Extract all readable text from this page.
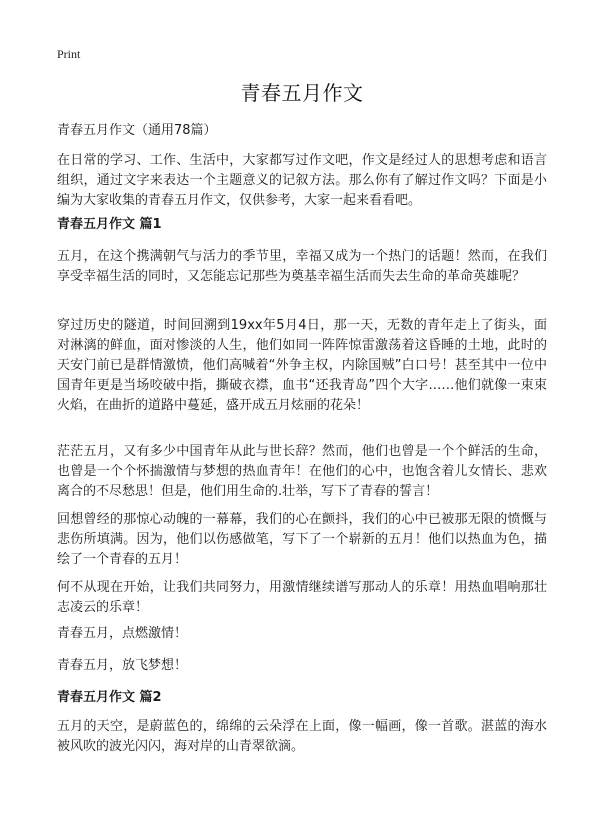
Print
青春五月作文
青春五月作文（通用78篇）

在日常的学习、工作、生活中，大家都写过作文吧，作文是经过人的思想考虑和语言组织，通过文字来表达一个主题意义的记叙方法。那么你有了解过作文吗？下面是小编为大家收集的青春五月作文，仅供参考，大家一起来看看吧。

青春五月作文 篇1

五月，在这个携满朝气与活力的季节里，幸福又成为一个热门的话题！然而，在我们享受幸福生活的同时，又怎能忘记那些为奠基幸福生活而失去生命的革命英雄呢？

穿过历史的隧道，时间回溯到19xx年5月4日，那一天，无数的青年走上了街头，面对淋漓的鲜血，面对惨淡的人生，他们如同一阵阵惊雷激荡着这昏睡的土地，此时的天安门前已是群情激愤，他们高喊着“外争主权，内除国贼”白口号！甚至其中一位中国青年更是当场咬破中指，撕破衣襟，血书“还我青岛”四个大字……他们就像一束束火焰，在曲折的道路中蔓延，盛开成五月炫丽的花朵！

茫茫五月，又有多少中国青年从此与世长辞？然而，他们也曾是一个个鲜活的生命，也曾是一个个怀揣激情与梦想的热血青年！在他们的心中，也饱含着儿女情长、悲欢离合的不尽愁思！但是，他们用生命的.壮举，写下了青春的誓言！

回想曾经的那惊心动魄的一幕幕，我们的心在颤抖，我们的心中已被那无限的愤慨与悲伤所填满。因为，他们以伤感做笔，写下了一个崭新的五月！他们以热血为色，描绘了一个青春的五月！

何不从现在开始，让我们共同努力，用激情继续谱写那动人的乐章！用热血唱响那壮志凌云的乐章！

青春五月，点燃激情！

青春五月，放飞梦想！

青春五月作文 篇2

五月的天空，是蔚蓝色的，绵绵的云朵浮在上面，像一幅画，像一首歌。湛蓝的海水被风吹的波光闪闪，海对岸的山青翠欲滴。
